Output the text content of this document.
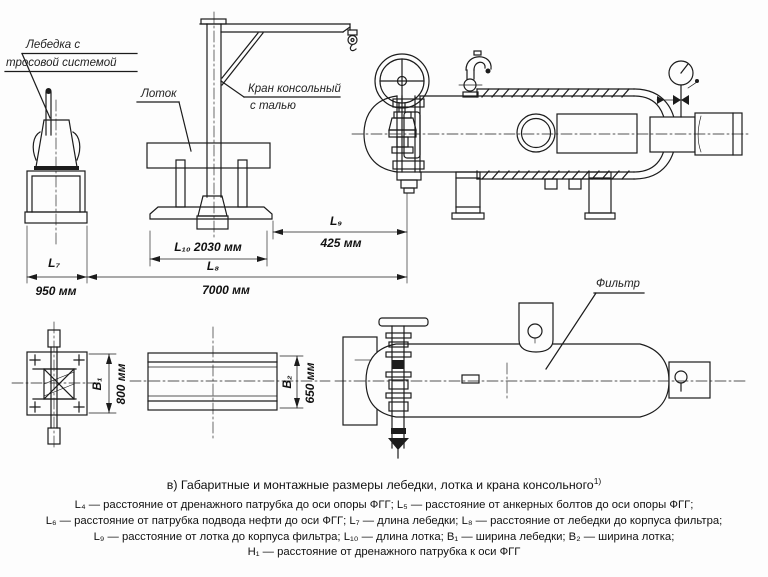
Лебедка с
тросовой системой
Лоток	Кран консольный
с талью
Фильтр
L₇
950 мм
L₈
7000 мм
L₁₀ 2030 мм
L₉
425 мм
B₁ 800 мм	B₂ 650 мм
в) Габаритные и монтажные размеры лебедки, лотка и крана консольного$^{1)}$
L₄ — расстояние от дренажного патрубка до оси опоры ФГГ; L₅ — расстояние от анкерных болтов до оси опоры ФГГ;
L₆ — расстояние от патрубка подвода нефти до оси ФГГ; L₇ — длина лебедки; L₈ — расстояние от лебедки до корпуса фильтра;
L₉ — расстояние от лотка до корпуса фильтра; L₁₀ — длина лотка; B₁ — ширина лебедки; B₂ — ширина лотка;
H₁ — расстояние от дренажного патрубка к оси ФГГ
